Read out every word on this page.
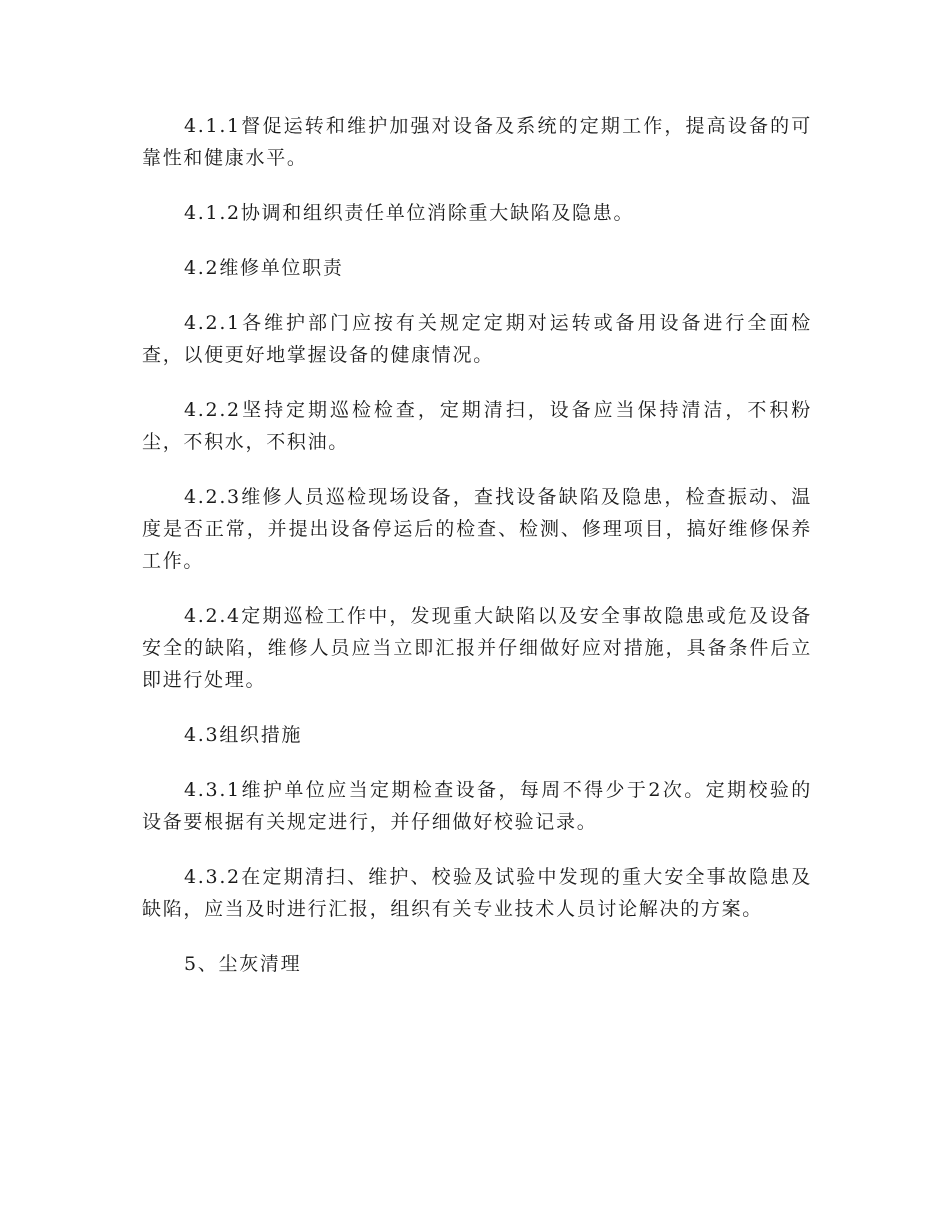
4.1.1督促运转和维护加强对设备及系统的定期工作，提高设备的可靠性和健康水平。

4.1.2协调和组织责任单位消除重大缺陷及隐患。

4.2维修单位职责

4.2.1各维护部门应按有关规定定期对运转或备用设备进行全面检查，以便更好地掌握设备的健康情况。

4.2.2坚持定期巡检检查，定期清扫，设备应当保持清洁，不积粉尘，不积水，不积油。

4.2.3维修人员巡检现场设备，查找设备缺陷及隐患，检查振动、温度是否正常，并提出设备停运后的检查、检测、修理项目，搞好维修保养工作。

4.2.4定期巡检工作中，发现重大缺陷以及安全事故隐患或危及设备安全的缺陷，维修人员应当立即汇报并仔细做好应对措施，具备条件后立即进行处理。

4.3组织措施

4.3.1维护单位应当定期检查设备，每周不得少于2次。定期校验的设备要根据有关规定进行，并仔细做好校验记录。

4.3.2在定期清扫、维护、校验及试验中发现的重大安全事故隐患及缺陷，应当及时进行汇报，组织有关专业技术人员讨论解决的方案。

5、尘灰清理
